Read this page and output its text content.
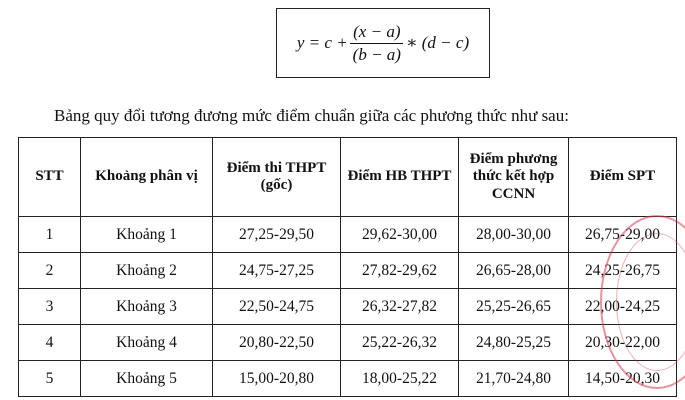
$y = c + \frac{(x - a)}{(b - a)}$ ∗ (d − c)
Bảng quy đổi tương đương mức điểm chuẩn giữa các phương thức như sau:
STT	Khoảng phân vị	Điểm thi THPT (gốc)	Điểm HB THPT	Điểm phương thức kết hợp CCNN	Điểm SPT
1	Khoảng 1	27,25-29,50	29,62-30,00	28,00-30,00	26,75-29,00
2	Khoảng 2	24,75-27,25	27,82-29,62	26,65-28,00	24,25-26,75
3	Khoảng 3	22,50-24,75	26,32-27,82	25,25-26,65	22,00-24,25
4	Khoảng 4	20,80-22,50	25,22-26,32	24,80-25,25	20,30-22,00
5	Khoảng 5	15,00-20,80	18,00-25,22	21,70-24,80	14,50-20,30
